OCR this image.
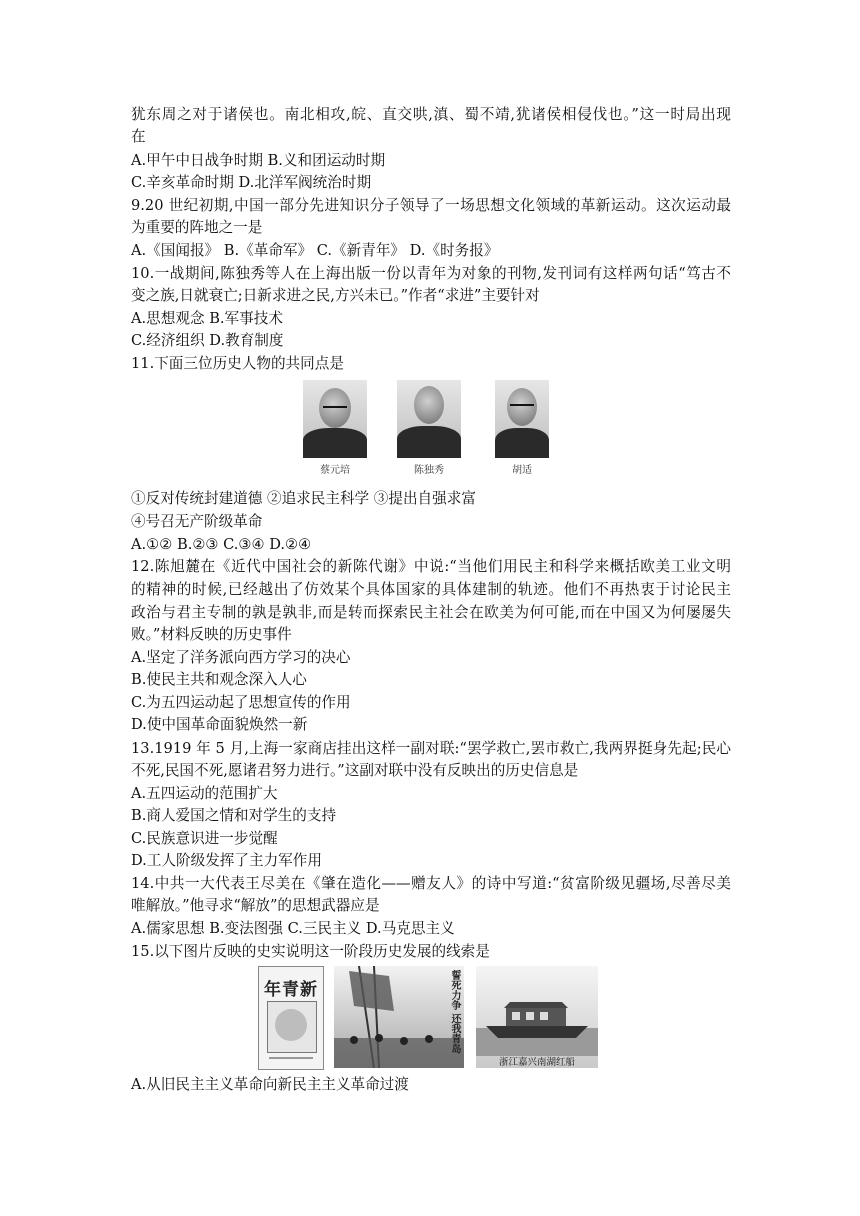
犹东周之对于诸侯也。南北相攻,皖、直交哄,滇、蜀不靖,犹诸侯相侵伐也。”这一时局出现
在
A.甲午中日战争时期 B.义和团运动时期
C.辛亥革命时期 D.北洋军阀统治时期
9.20 世纪初期,中国一部分先进知识分子领导了一场思想文化领域的革新运动。这次运动最
为重要的阵地之一是
A.《国闻报》 B.《革命军》 C.《新青年》 D.《时务报》
10.一战期间,陈独秀等人在上海出版一份以青年为对象的刊物,发刊词有这样两句话“笃古不
变之族,日就衰亡;日新求进之民,方兴未已。”作者“求进”主要针对
A.思想观念 B.军事技术
C.经济组织 D.教育制度
11.下面三位历史人物的共同点是
蔡元培	陈独秀	胡适
①反对传统封建道德 ②追求民主科学 ③提出自强求富
④号召无产阶级革命
A.①② B.②③ C.③④ D.②④
12.陈旭麓在《近代中国社会的新陈代谢》中说:“当他们用民主和科学来概括欧美工业文明
的精神的时候,已经越出了仿效某个具体国家的具体建制的轨迹。他们不再热衷于讨论民主
政治与君主专制的孰是孰非,而是转而探索民主社会在欧美为何可能,而在中国又为何屡屡失
败。”材料反映的历史事件
A.坚定了洋务派向西方学习的决心
B.使民主共和观念深入人心
C.为五四运动起了思想宣传的作用
D.使中国革命面貌焕然一新
13.1919 年 5 月,上海一家商店挂出这样一副对联:“罢学救亡,罢市救亡,我两界挺身先起;民心
不死,民国不死,愿诸君努力进行。”这副对联中没有反映出的历史信息是
A.五四运动的范围扩大
B.商人爱国之情和对学生的支持
C.民族意识进一步觉醒
D.工人阶级发挥了主力军作用
14.中共一大代表王尽美在《肇在造化——赠友人》的诗中写道:“贫富阶级见疆场,尽善尽美
唯解放。”他寻求“解放”的思想武器应是
A.儒家思想 B.变法图强 C.三民主义 D.马克思主义
15.以下图片反映的史实说明这一阶段历史发展的线索是
年青新	誓死力争 还我青岛
浙江嘉兴南湖红船
A.从旧民主主义革命向新民主主义革命过渡
